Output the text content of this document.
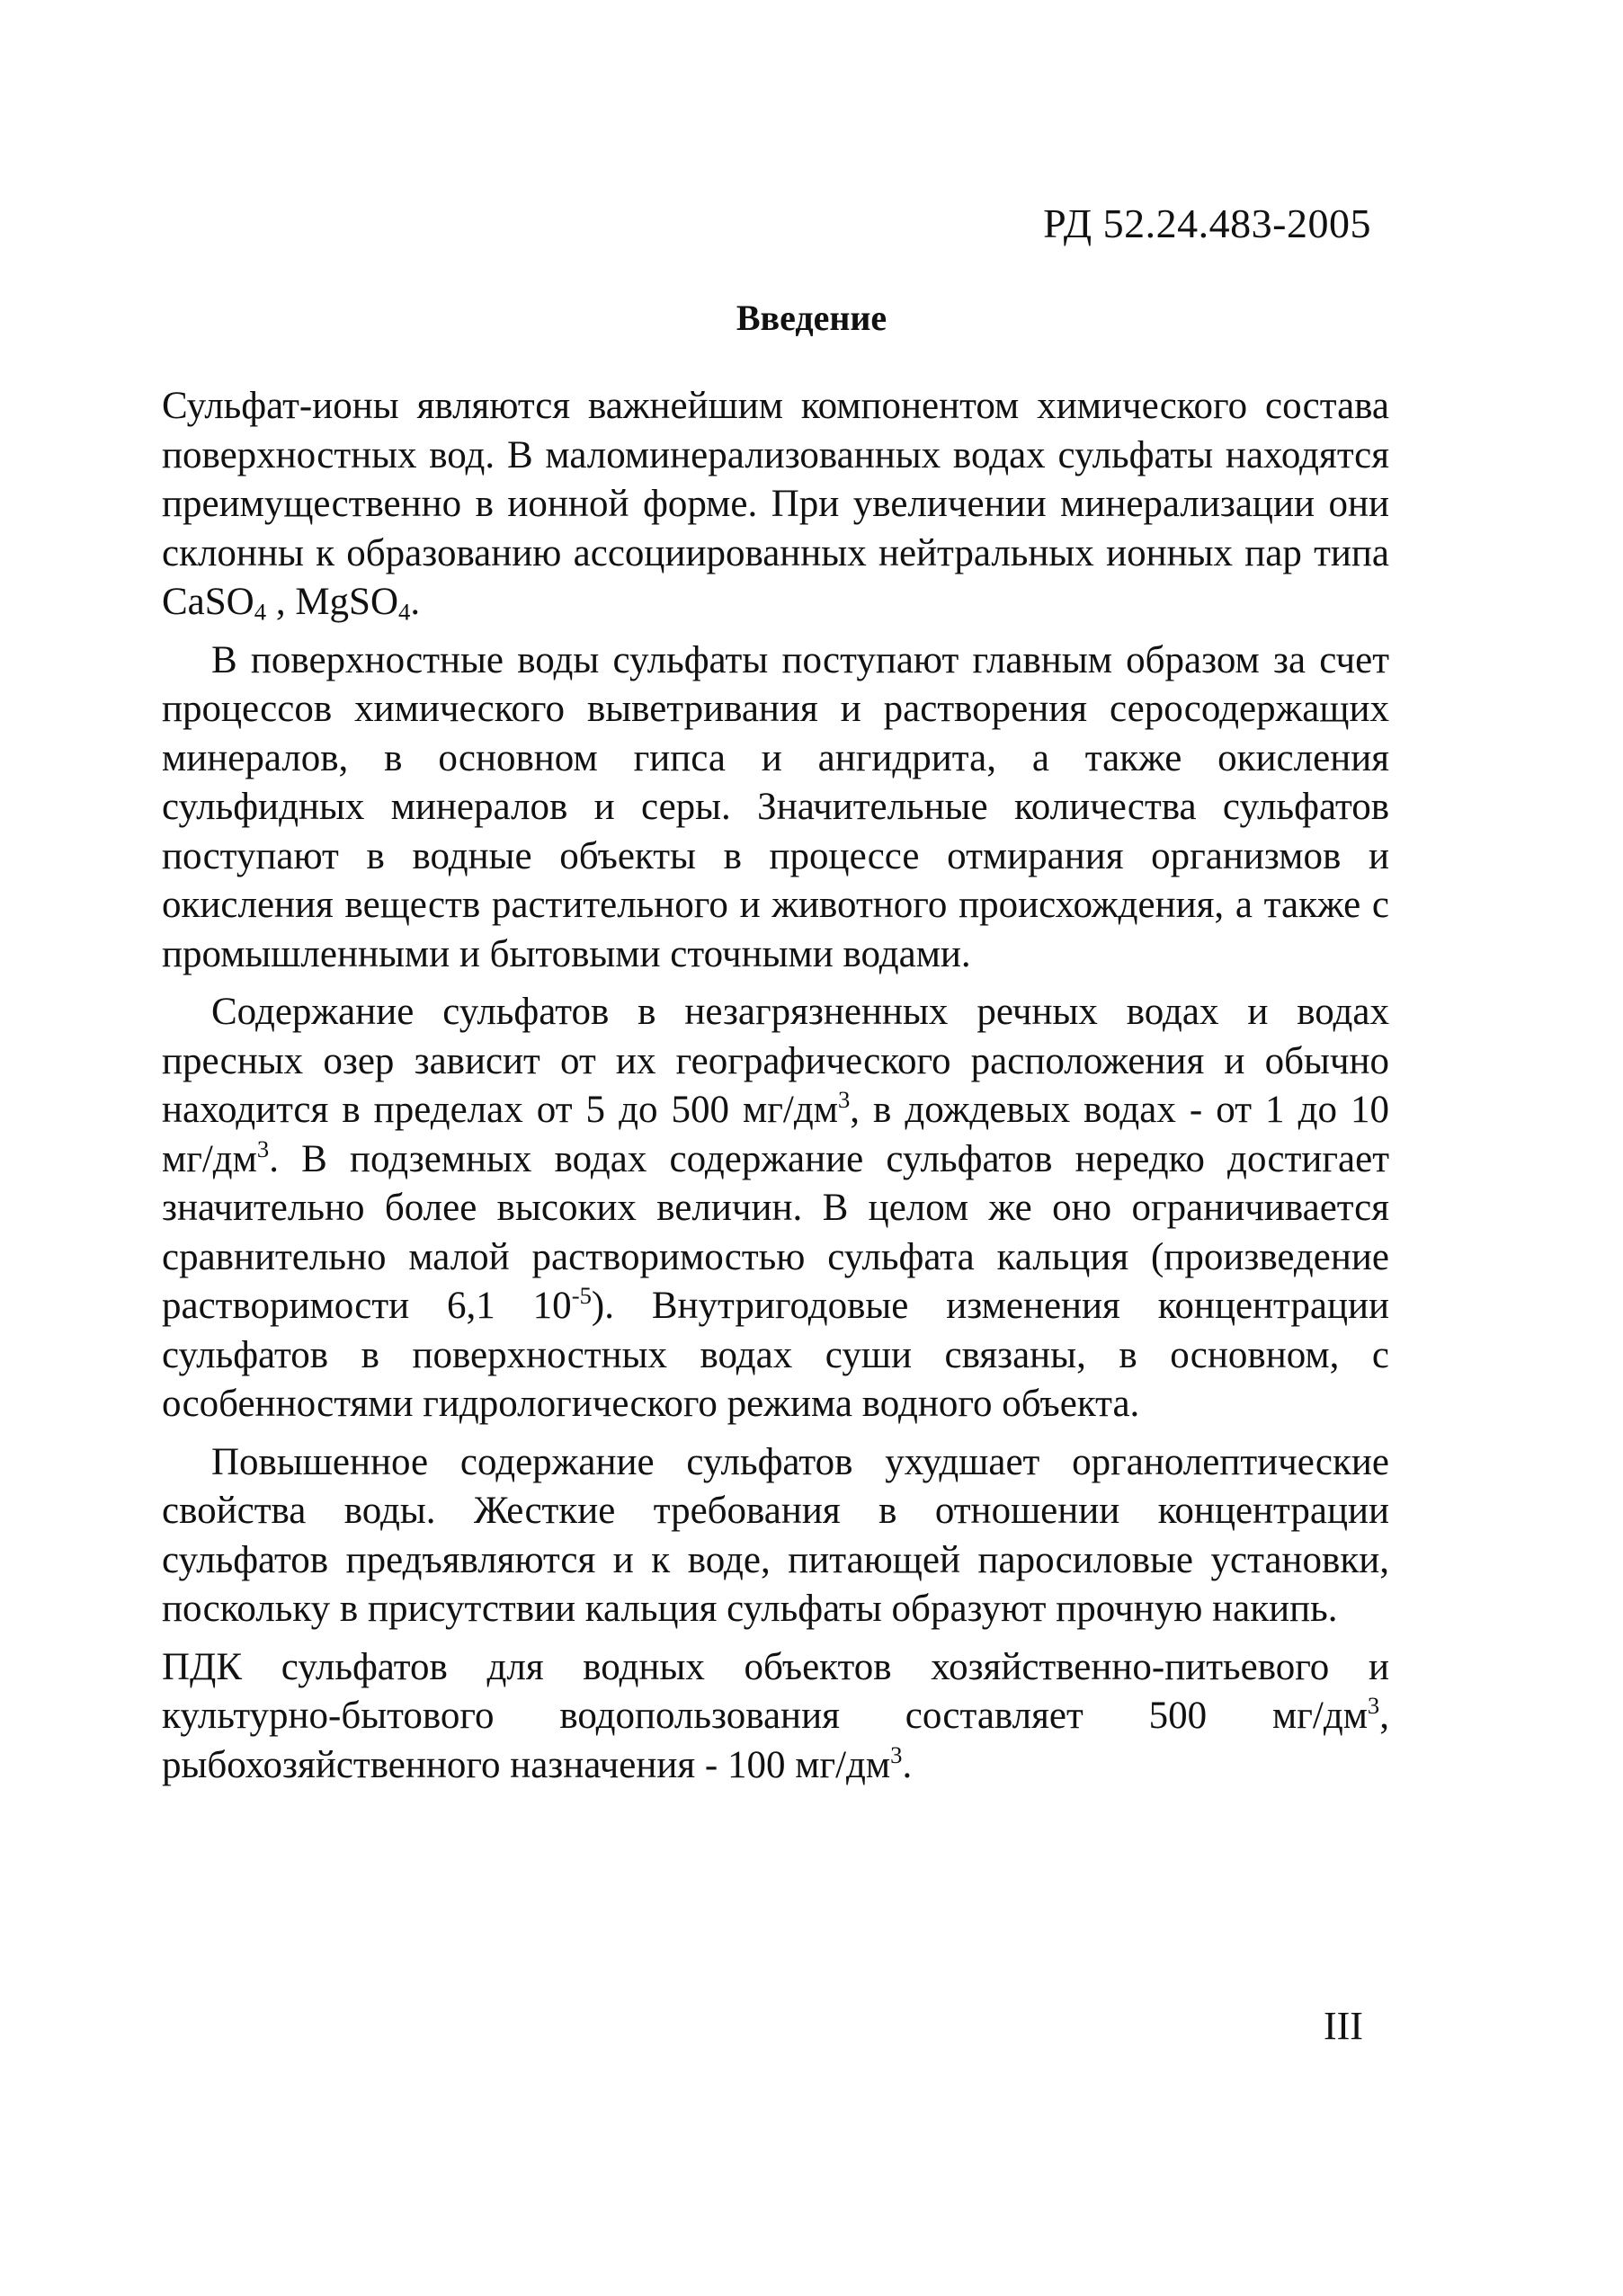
РД 52.24.483-2005

Введение

Сульфат-ионы являются важнейшим компонентом химического состава поверхностных вод. В маломинерализованных водах сульфаты находятся преимущественно в ионной форме. При увеличении минерализации они склонны к образованию ассоциированных нейтральных ионных пар типа CaSO$_4$ , MgSO$_4$.

В поверхностные воды сульфаты поступают главным образом за счет процессов химического выветривания и растворения серосодержащих минералов, в основном гипса и ангидрита, а также окисления сульфидных минералов и серы. Значительные количества сульфатов поступают в водные объекты в процессе отмирания организмов и окисления веществ растительного и животного происхождения, а также с промышленными и бытовыми сточными водами.

Содержание сульфатов в незагрязненных речных водах и водах пресных озер зависит от их географического расположения и обычно находится в пределах от 5 до 500 $мг/дм^3$, в дождевых водах - от 1 до 10 $мг/дм^3$. В подземных водах содержание сульфатов нередко достигает значительно более высоких величин. В целом же оно ограничивается сравнительно малой растворимостью сульфата кальция (произведение растворимости 6,1 $10^{-5}$). Внутригодовые изменения концентрации сульфатов в поверхностных водах суши связаны, в основном, с особенностями гидрологического режима водного объекта.

Повышенное содержание сульфатов ухудшает органолептические свойства воды. Жесткие требования в отношении концентрации сульфатов предъявляются и к воде, питающей паросиловые установки, поскольку в присутствии кальция сульфаты образуют прочную накипь.

ПДК сульфатов для водных объектов хозяйственно-питьевого и культурно-бытового водопользования составляет 500 $мг/дм^3$, рыбохозяйственного назначения - 100 $мг/дм^3$.

III
